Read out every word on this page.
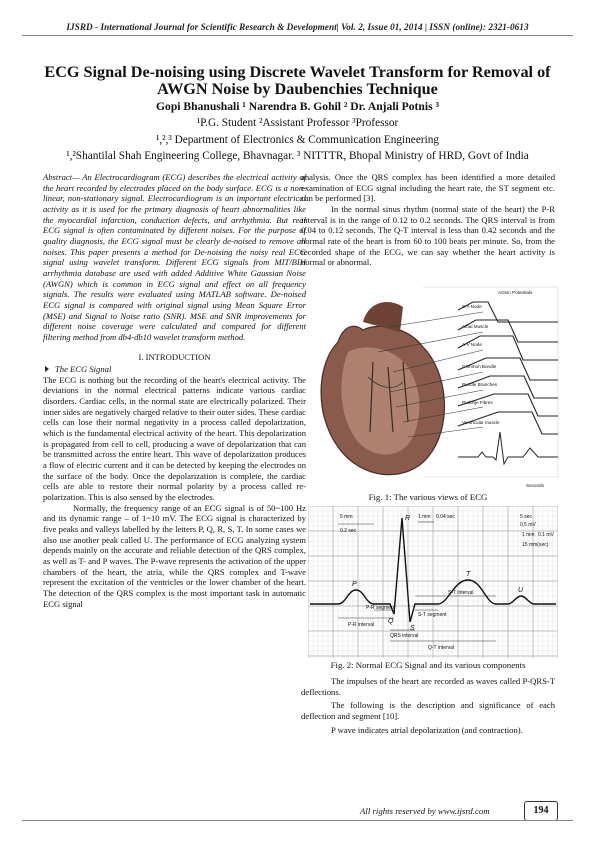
IJSRD - International Journal for Scientific Research & Development| Vol. 2, Issue 01, 2014 | ISSN (online): 2321-0613
ECG Signal De-noising using Discrete Wavelet Transform for Removal of AWGN Noise by Daubenchies Technique
Gopi Bhanushali ¹ Narendra B. Gohil ² Dr. Anjali Potnis ³
¹P.G. Student ²Assistant Professor ³Professor
¹,²,³ Department of Electronics & Communication Engineering
¹,²Shantilal Shah Engineering College, Bhavnagar. ³ NITTTR, Bhopal Ministry of HRD, Govt of India

Abstract— An Electrocardiogram (ECG) describes the electrical activity of the heart recorded by electrodes placed on the body surface. ECG is a non-linear, non-stationary signal. Electrocardiogram is an important electrical activity as it is used for the primary diagnosis of heart abnormalities like the myocardial infarction, conduction defects, and arrhythmia. But real ECG signal is often contaminated by different noises. For the purpose of quality diagnosis, the ECG signal must be clearly de-noised to remove all noises. This paper presents a method for De-noising the noisy real ECG signal using wavelet transform. Different ECG signals from MIT/BIH arrhythmia database are used with added Additive White Gaussian Noise (AWGN) which is common in ECG signal and effect on all frequency signals. The results were evaluated using MATLAB software. De-noised ECG signal is compared with original signal using Mean Square Error (MSE) and Signal to Noise ratio (SNR). MSE and SNR improvements for different noise coverage were calculated and compared for different filtering method from db4-db10 wavelet transform method.

I. INTRODUCTION

The ECG Signal

The ECG is nothing but the recording of the heart's electrical activity. The deviations in the normal electrical patterns indicate various cardiac disorders. Cardiac cells, in the normal state are electrically polarized. Their inner sides are negatively charged relative to their outer sides. These cardiac cells can lose their normal negativity in a process called depolarization, which is the fundamental electrical activity of the heart. This depolarization is propagated from cell to cell, producing a wave of depolarization that can be transmitted across the entire heart. This wave of depolarization produces a flow of electric current and it can be detected by keeping the electrodes on the surface of the body. Once the depolarization is complete, the cardiac cells are able to restore their normal polarity by a process called re-polarization. This is also sensed by the electrodes.

Normally, the frequency range of an ECG signal is of 50~100 Hz and its dynamic range – of 1~10 mV. The ECG signal is characterized by five peaks and valleys labelled by the letters P, Q, R, S, T. In some cases we also use another peak called U. The performance of ECG analyzing system depends mainly on the accurate and reliable detection of the QRS complex, as well as T- and P waves. The P-wave represents the activation of the upper chambers of the heart, the atria, while the QRS complex and T-wave represent the excitation of the ventricles or the lower chamber of the heart. The detection of the QRS complex is the most important task in automatic ECG signal

analysis. Once the QRS complex has been identified a more detailed examination of ECG signal including the heart rate, the ST segment etc. can be performed [3].

In the normal sinus rhythm (normal state of the heart) the P-R interval is in the range of 0.12 to 0.2 seconds. The QRS interval is from 0.04 to 0.12 seconds. The Q-T interval is less than 0.42 seconds and the normal rate of the heart is from 60 to 100 beats per minute. So, from the recorded shape of the ECG, we can say whether the heart activity is normal or abnormal.

Action Potentials
S-A Node
Atrial Muscle
A-V Node
Common Bundle
Bundle Branches
Purkinje Fibres
Ventricular muscle
Seconds
Fig. 1: The various views of ECG
5 mm
0.2 sec
1 mm 0.04 sec	5 sec
0.5 mV
1 mm 0.1 mV
15 mm(sec)
P
Q
R
S
T
U
P-R interval
P-R segment
S-T segment
S-T interval
QRS interval
Q-T interval
Fig. 2: Normal ECG Signal and its various components

The impulses of the heart are recorded as waves called P-QRS-T deflections.

The following is the description and significance of each deflection and segment [10].

P wave indicates atrial depolarization (and contraction).

All rights reserved by www.ijsrd.com	194
